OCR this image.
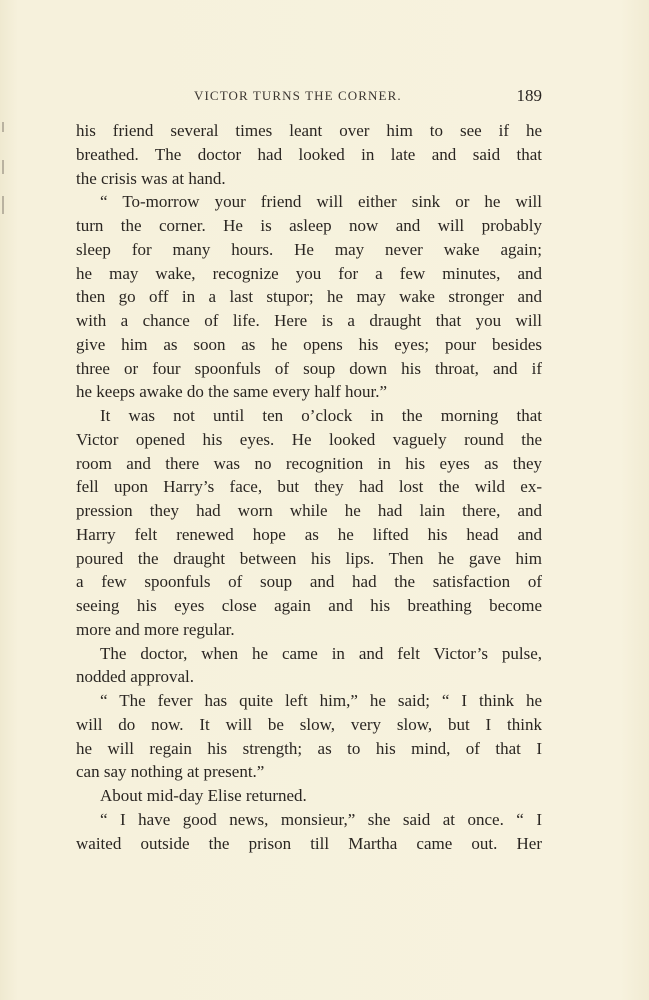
VICTOR TURNS THE CORNER.	189
his friend several times leant over him to see if he
breathed. The doctor had looked in late and said that
the crisis was at hand.
“ To-morrow your friend will either sink or he will
turn the corner. He is asleep now and will probably
sleep for many hours. He may never wake again;
he may wake, recognize you for a few minutes, and
then go off in a last stupor; he may wake stronger and
with a chance of life. Here is a draught that you will
give him as soon as he opens his eyes; pour besides
three or four spoonfuls of soup down his throat, and if
he keeps awake do the same every half hour.”
It was not until ten o’clock in the morning that
Victor opened his eyes. He looked vaguely round the
room and there was no recognition in his eyes as they
fell upon Harry’s face, but they had lost the wild ex-
pression they had worn while he had lain there, and
Harry felt renewed hope as he lifted his head and
poured the draught between his lips. Then he gave him
a few spoonfuls of soup and had the satisfaction of
seeing his eyes close again and his breathing become
more and more regular.
The doctor, when he came in and felt Victor’s pulse,
nodded approval.
“ The fever has quite left him,” he said; “ I think he
will do now. It will be slow, very slow, but I think
he will regain his strength; as to his mind, of that I
can say nothing at present.”
About mid-day Elise returned.
“ I have good news, monsieur,” she said at once. “ I
waited outside the prison till Martha came out. Her
